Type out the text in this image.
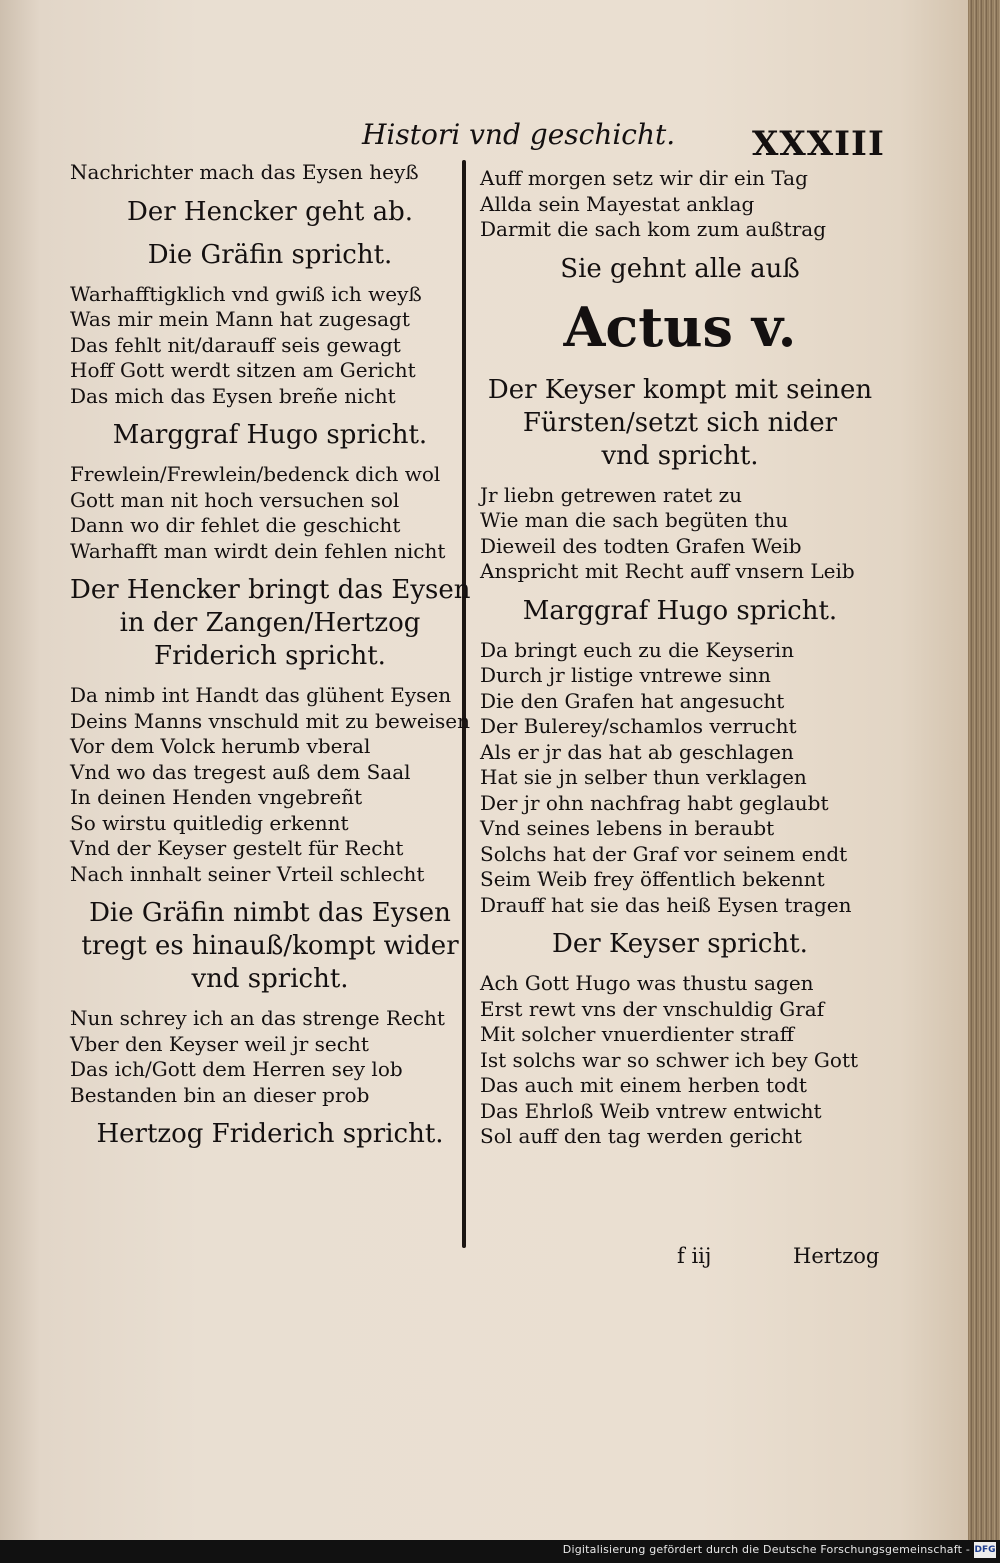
Histori vnd geschicht. XXXIII
Nachrichter mach das Eysen heyß
Der Hencker geht ab.
Die Gräfin spricht.
Warhafftigklich vnd gwiß ich weyß
Was mir mein Mann hat zugesagt
Das fehlt nit/darauff seis gewagt
Hoff Gott werdt sitzen am Gericht
Das mich das Eysen breñe nicht
Marggraf Hugo spricht.
Frewlein/Frewlein/bedenck dich wol
Gott man nit hoch versuchen sol
Dann wo dir fehlet die geschicht
Warhafft man wirdt dein fehlen nicht
Der Hencker bringt das Eysen
in der Zangen/Hertzog
Friderich spricht.
Da nimb int Handt das glühent Eysen
Deins Manns vnschuld mit zu beweisen
Vor dem Volck herumb vberal
Vnd wo das tregest auß dem Saal
In deinen Henden vngebreñt
So wirstu quitledig erkennt
Vnd der Keyser gestelt für Recht
Nach innhalt seiner Vrteil schlecht
Die Gräfin nimbt das Eysen
tregt es hinauß/kompt wider
vnd spricht.
Nun schrey ich an das strenge Recht
Vber den Keyser weil jr secht
Das ich/Gott dem Herren sey lob
Bestanden bin an dieser prob
Hertzog Friderich spricht.
Auff morgen setz wir dir ein Tag
Allda sein Mayestat anklag
Darmit die sach kom zum außtrag
Sie gehnt alle auß
Actus v.
Der Keyser kompt mit seinen
Fürsten/setzt sich nider
vnd spricht.
Jr liebn getrewen ratet zu
Wie man die sach begüten thu
Dieweil des todten Grafen Weib
Anspricht mit Recht auff vnsern Leib
Marggraf Hugo spricht.
Da bringt euch zu die Keyserin
Durch jr listige vntrewe sinn
Die den Grafen hat angesucht
Der Bulerey/schamlos verrucht
Als er jr das hat ab geschlagen
Hat sie jn selber thun verklagen
Der jr ohn nachfrag habt geglaubt
Vnd seines lebens in beraubt
Solchs hat der Graf vor seinem endt
Seim Weib frey öffentlich bekennt
Drauff hat sie das heiß Eysen tragen
Der Keyser spricht.
Ach Gott Hugo was thustu sagen
Erst rewt vns der vnschuldig Graf
Mit solcher vnuerdienter straff
Ist solchs war so schwer ich bey Gott
Das auch mit einem herben todt
Das Ehrloß Weib vntrew entwicht
Sol auff den tag werden gericht
f iij	Hertzog
Digitalisierung gefördert durch die Deutsche Forschungsgemeinschaft - DFG
